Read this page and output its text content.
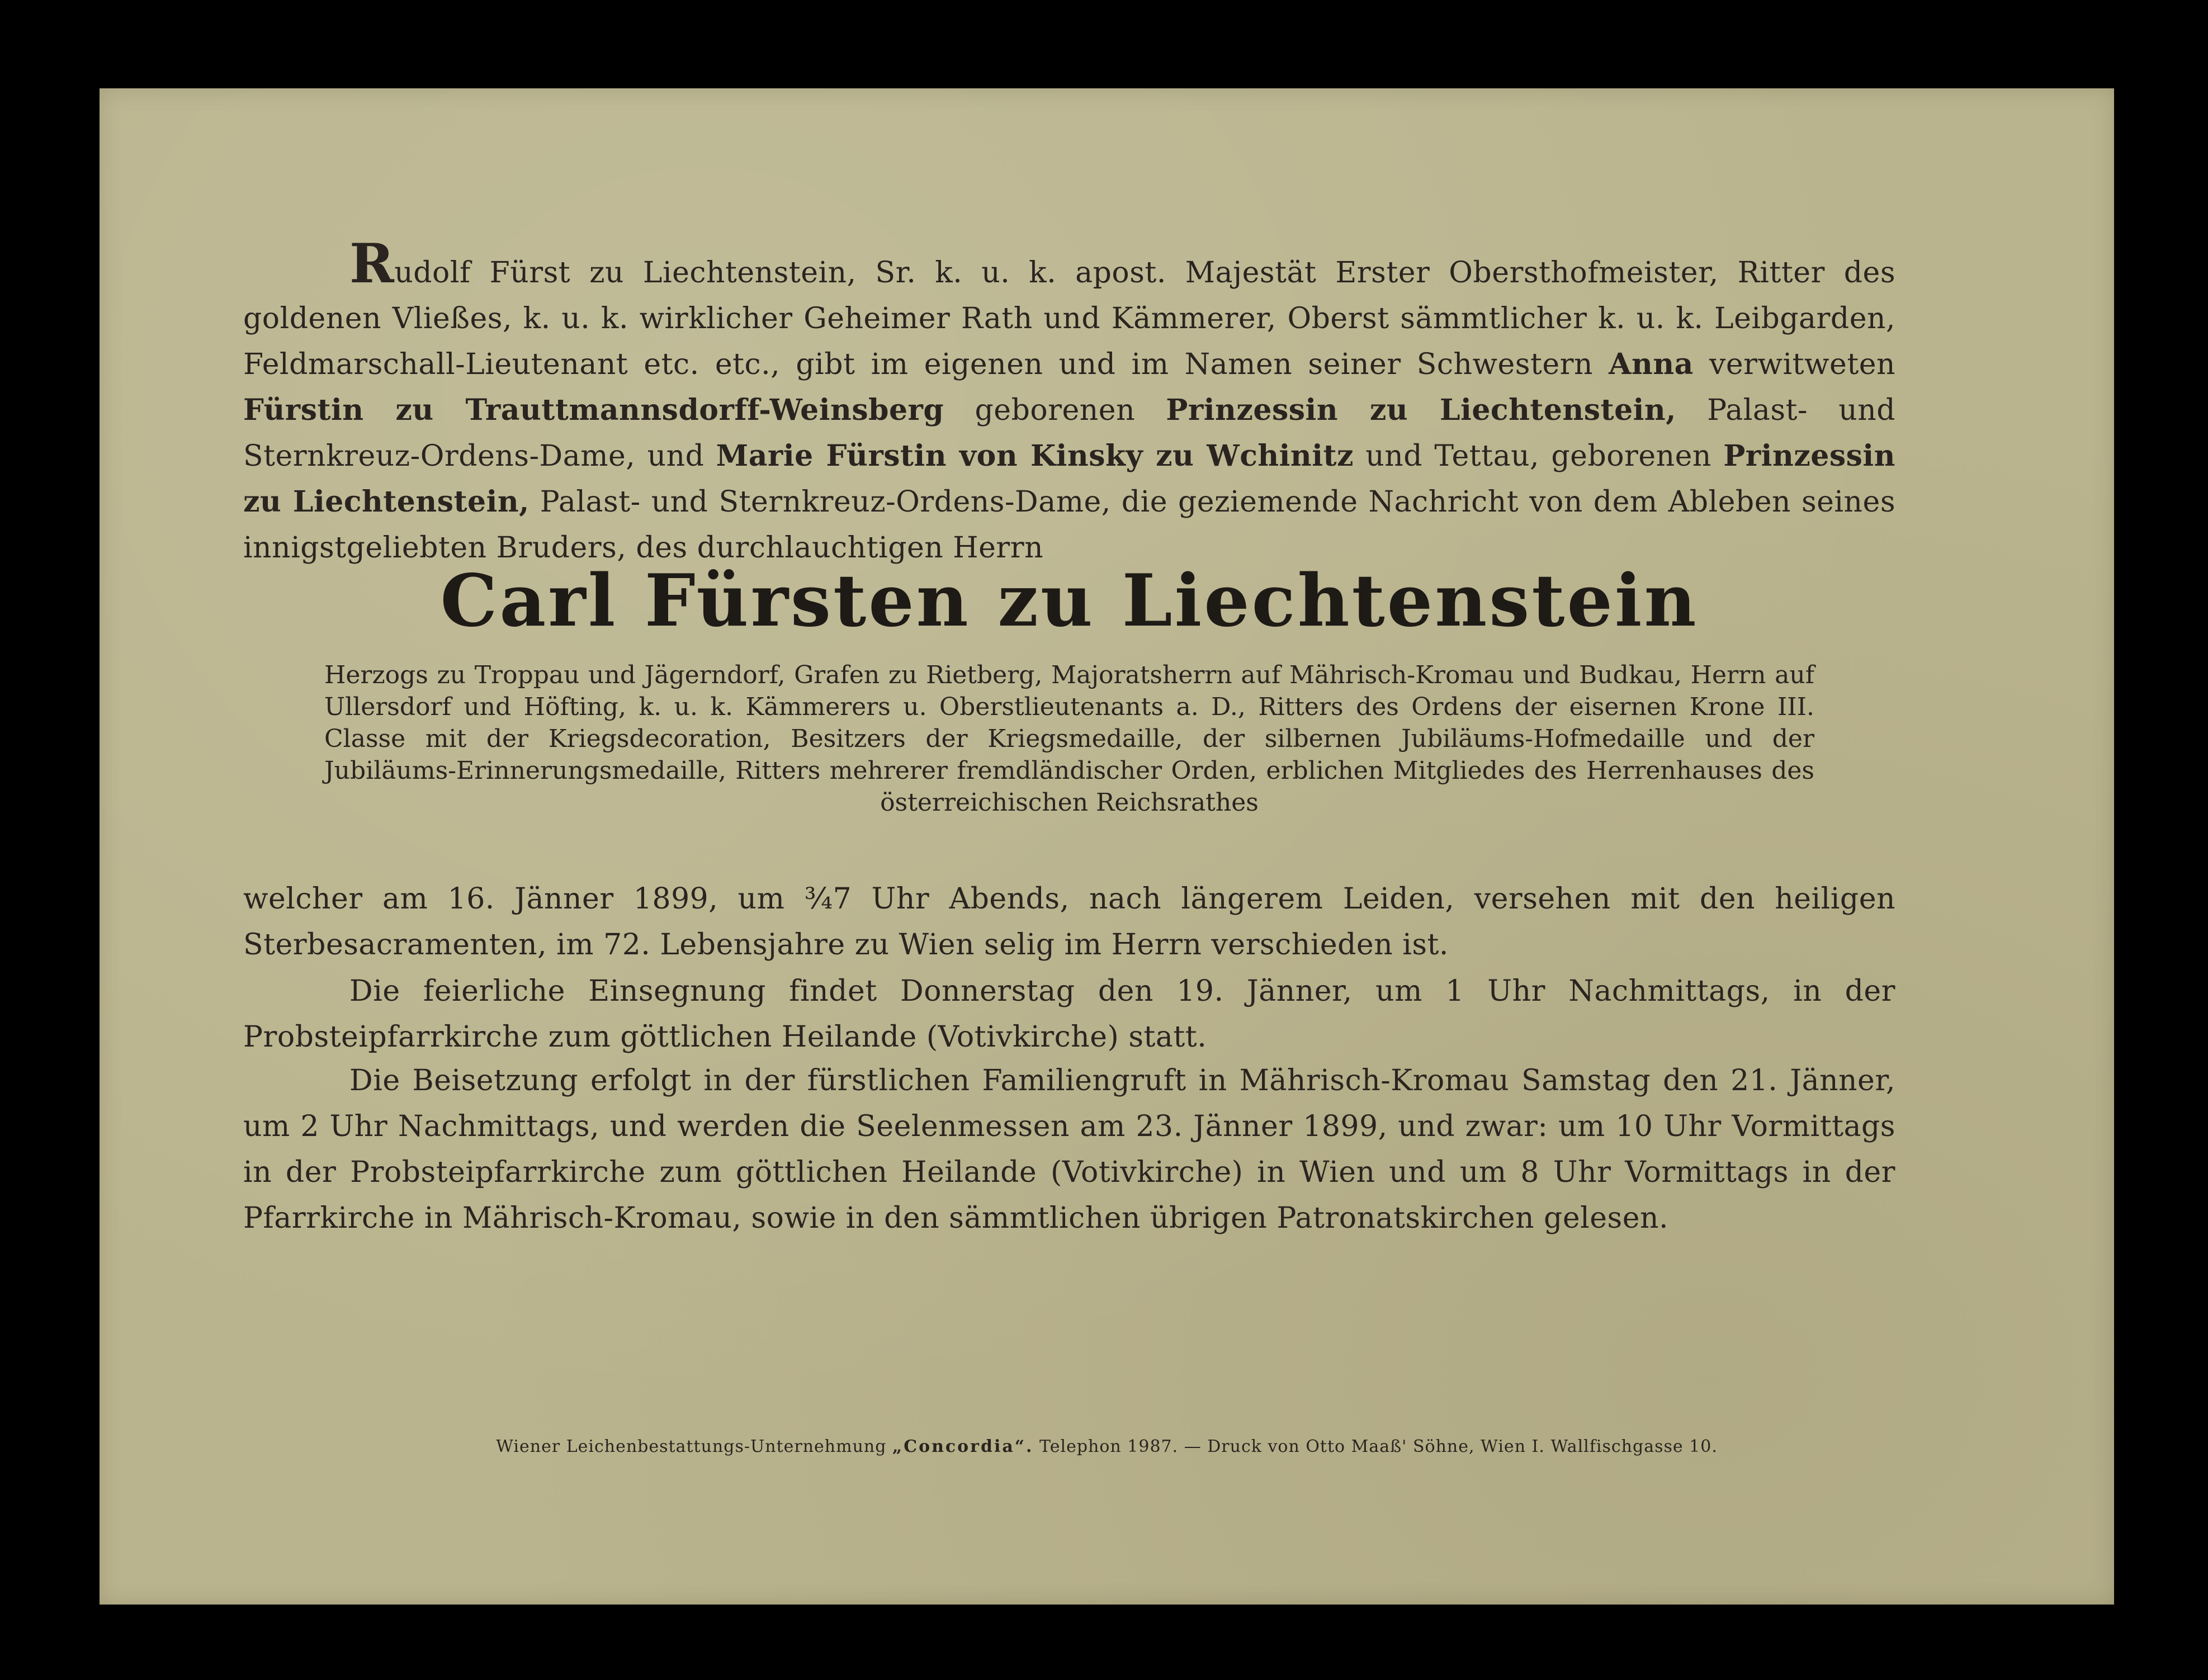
Rudolf Fürst zu Liechtenstein, Sr. k. u. k. apost. Majestät Erster Obersthofmeister, Ritter des goldenen Vließes, k. u. k. wirklicher Geheimer Rath und Kämmerer, Oberst sämmtlicher k. u. k. Leibgarden, Feldmarschall-Lieutenant etc. etc., gibt im eigenen und im Namen seiner Schwestern Anna verwitweten Fürstin zu Trauttmannsdorff-Weinsberg geborenen Prinzessin zu Liechtenstein, Palast- und Sternkreuz-Ordens-Dame, und Marie Fürstin von Kinsky zu Wchinitz und Tettau, geborenen Prinzessin zu Liechtenstein, Palast- und Sternkreuz-Ordens-Dame, die geziemende Nachricht von dem Ableben seines innigstgeliebten Bruders, des durchlauchtigen Herrn

Carl Fürsten zu Liechtenstein

Herzogs zu Troppau und Jägerndorf, Grafen zu Rietberg, Majoratsherrn auf Mährisch-Kromau und Budkau, Herrn auf Ullersdorf und Höfting, k. u. k. Kämmerers u. Oberstlieutenants a. D., Ritters des Ordens der eisernen Krone III. Classe mit der Kriegsdecoration, Besitzers der Kriegsmedaille, der silbernen Jubiläums-Hofmedaille und der Jubiläums-Erinnerungsmedaille, Ritters mehrerer fremdländischer Orden, erblichen Mitgliedes des Herrenhauses des österreichischen Reichsrathes

welcher am 16. Jänner 1899, um ¾7 Uhr Abends, nach längerem Leiden, versehen mit den heiligen Sterbesacramenten, im 72. Lebensjahre zu Wien selig im Herrn verschieden ist.

Die feierliche Einsegnung findet Donnerstag den 19. Jänner, um 1 Uhr Nachmittags, in der Probsteipfarrkirche zum göttlichen Heilande (Votivkirche) statt.

Die Beisetzung erfolgt in der fürstlichen Familiengruft in Mährisch-Kromau Samstag den 21. Jänner, um 2 Uhr Nachmittags, und werden die Seelenmessen am 23. Jänner 1899, und zwar: um 10 Uhr Vormittags in der Probsteipfarrkirche zum göttlichen Heilande (Votivkirche) in Wien und um 8 Uhr Vormittags in der Pfarrkirche in Mährisch-Kromau, sowie in den sämmtlichen übrigen Patronatskirchen gelesen.

Wiener Leichenbestattungs-Unternehmung „Concordia“. Telephon 1987. — Druck von Otto Maaß' Söhne, Wien I. Wallfischgasse 10.
